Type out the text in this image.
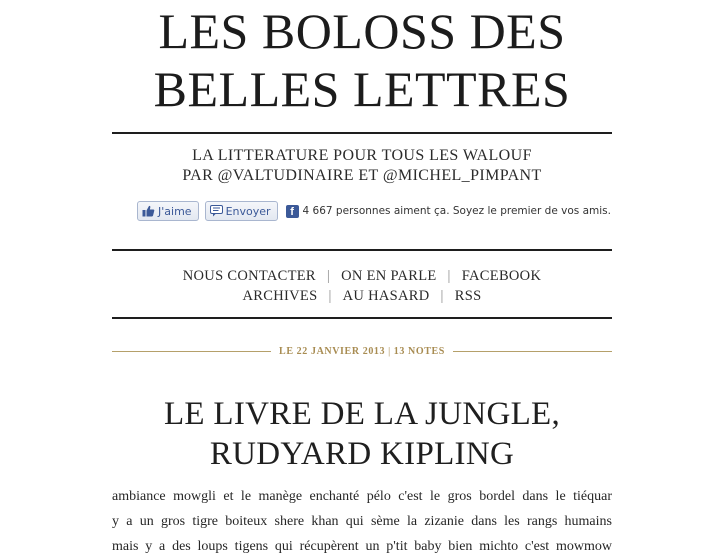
LES BOLOSS DES
BELLES LETTRES
LA LITTERATURE POUR TOUS LES WALOUF
PAR @VALTUDINAIRE ET @MICHEL_PIMPANT
J'aime	Envoyer	f 4 667 personnes aiment ça. Soyez le premier de vos amis.
NOUS CONTACTER | ON EN PARLE | FACEBOOK
ARCHIVES | AU HASARD | RSS
LE 22 JANVIER 2013 | 13 NOTES
LE LIVRE DE LA JUNGLE,
RUDYARD KIPLING

ambiance mowgli et le manège enchanté pélo c'est le gros bordel dans le tiéquar
y a un gros tigre boiteux shere khan qui sème la zizanie dans les rangs humains
mais y a des loups tigens qui récupèrent un p'tit baby bien michto c'est mowmow
